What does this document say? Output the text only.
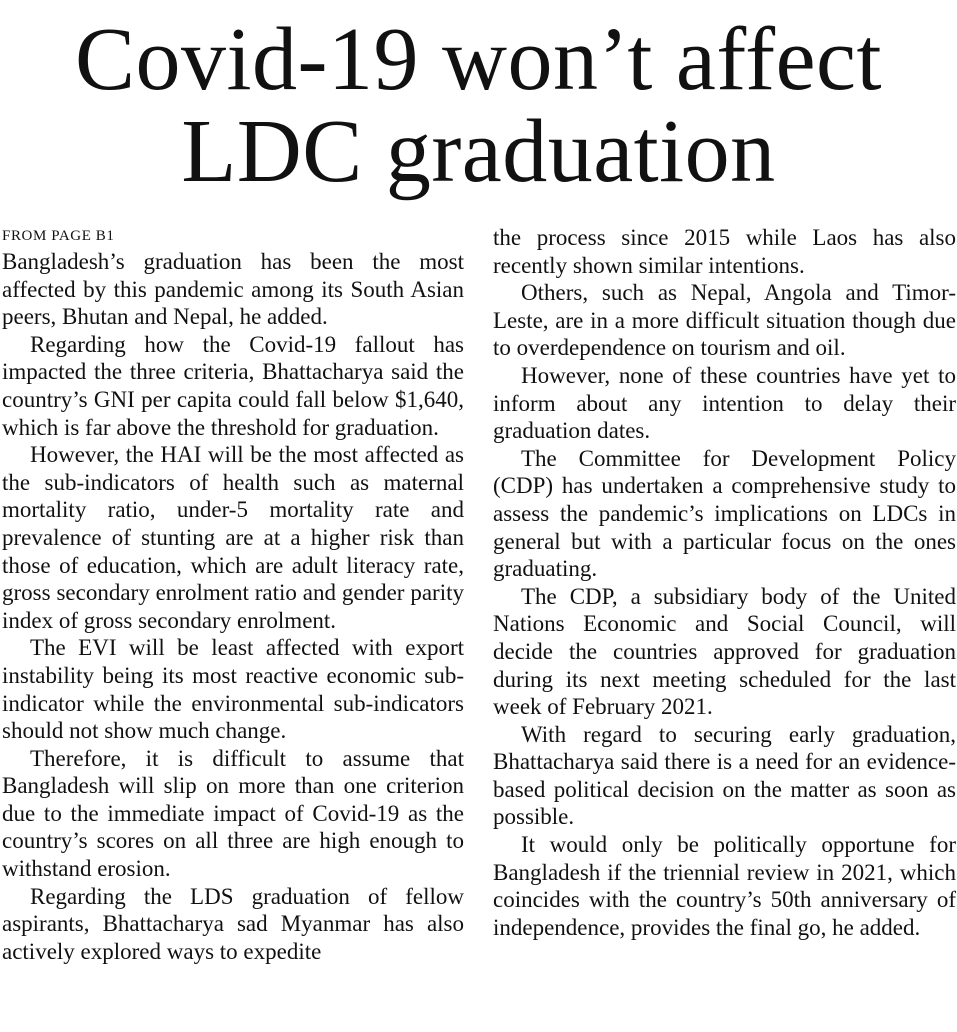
Covid-19 won’t affect
LDC graduation
FROM PAGE B1

Bangladesh’s graduation has been the most affected by this pandemic among its South Asian peers, Bhutan and Nepal, he added.

Regarding how the Covid-19 fallout has impacted the three criteria, Bhattacharya said the country’s GNI per capita could fall below $1,640, which is far above the threshold for graduation.

However, the HAI will be the most affected as the sub-indicators of health such as maternal mortality ratio, under-5 mortality rate and prevalence of stunting are at a higher risk than those of education, which are adult literacy rate, gross secondary enrolment ratio and gender parity index of gross secondary enrolment.

The EVI will be least affected with export instability being its most reactive economic sub-indicator while the environmental sub-indicators should not show much change.

Therefore, it is difficult to assume that Bangladesh will slip on more than one criterion due to the immediate impact of Covid-19 as the country’s scores on all three are high enough to withstand erosion.

Regarding the LDS graduation of fellow aspirants, Bhattacharya sad Myanmar has also actively explored ways to expedite

the process since 2015 while Laos has also recently shown similar intentions.

Others, such as Nepal, Angola and Timor-Leste, are in a more difficult situation though due to overdependence on tourism and oil.

However, none of these countries have yet to inform about any intention to delay their graduation dates.

The Committee for Development Policy (CDP) has undertaken a comprehensive study to assess the pandemic’s implications on LDCs in general but with a particular focus on the ones graduating.

The CDP, a subsidiary body of the United Nations Economic and Social Council, will decide the countries approved for graduation during its next meeting scheduled for the last week of February 2021.

With regard to securing early graduation, Bhattacharya said there is a need for an evidence-based political decision on the matter as soon as possible.

It would only be politically opportune for Bangladesh if the triennial review in 2021, which coincides with the country’s 50th anniversary of independence, provides the final go, he added.
